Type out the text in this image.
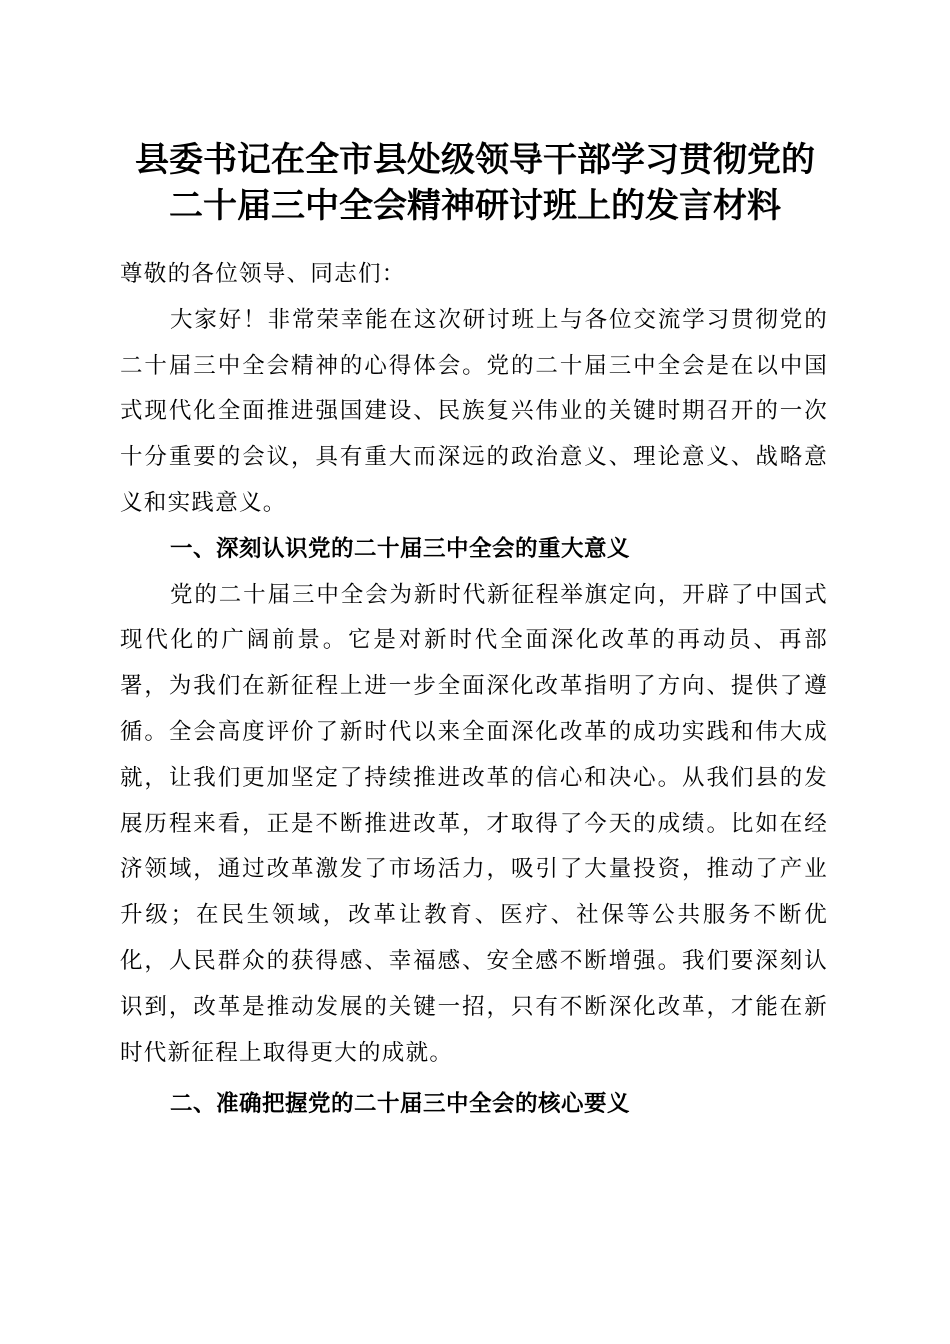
县委书记在全市县处级领导干部学习贯彻党的
二十届三中全会精神研讨班上的发言材料

尊敬的各位领导、同志们：

大家好！非常荣幸能在这次研讨班上与各位交流学习贯彻党的二十届三中全会精神的心得体会。党的二十届三中全会是在以中国式现代化全面推进强国建设、民族复兴伟业的关键时期召开的一次十分重要的会议，具有重大而深远的政治意义、理论意义、战略意义和实践意义。

一、深刻认识党的二十届三中全会的重大意义

党的二十届三中全会为新时代新征程举旗定向，开辟了中国式现代化的广阔前景。它是对新时代全面深化改革的再动员、再部署，为我们在新征程上进一步全面深化改革指明了方向、提供了遵循。全会高度评价了新时代以来全面深化改革的成功实践和伟大成就，让我们更加坚定了持续推进改革的信心和决心。从我们县的发展历程来看，正是不断推进改革，才取得了今天的成绩。比如在经济领域，通过改革激发了市场活力，吸引了大量投资，推动了产业升级；在民生领域，改革让教育、医疗、社保等公共服务不断优化，人民群众的获得感、幸福感、安全感不断增强。我们要深刻认识到，改革是推动发展的关键一招，只有不断深化改革，才能在新时代新征程上取得更大的成就。

二、准确把握党的二十届三中全会的核心要义
